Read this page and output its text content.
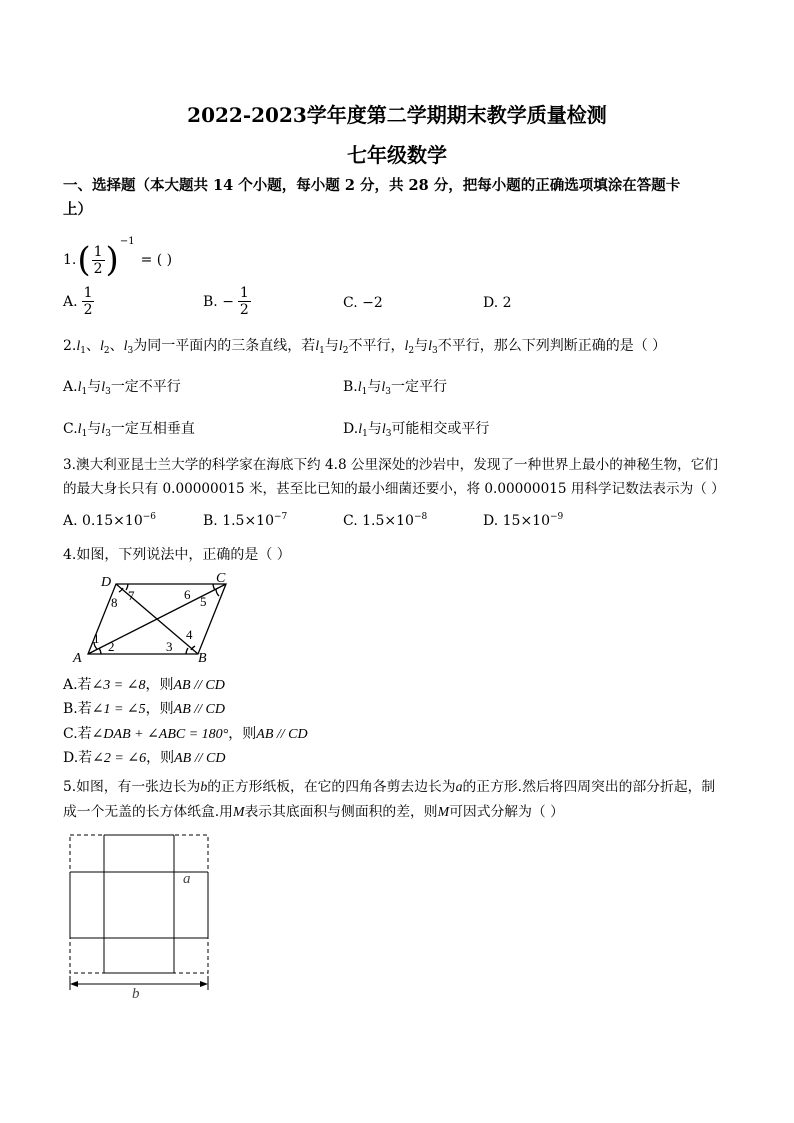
2022-2023学年度第二学期期末教学质量检测
七年级数学
一、选择题（本大题共 14 个小题，每小题 2 分，共 28 分，把每小题的正确选项填涂在答题卡
上）
1. ( $\frac{1}{2}$ ) −1
= ( )
A. $\frac{1}{2}$	B. − $\frac{1}{2}$	C. −2	D. 2
$2.l_1$、$l_2$、$l_3$为同一平面内的三条直线，若$l_1$与$l_2$不平行，$l_2$与$l_3$不平行，那么下列判断正确的是（ ）
$A.l_1$与$l_3$一定不平行	$B.l_1$与$l_3$一定平行
$C.l_1$与$l_3$一定互相垂直	$D.l_1$与$l_3$可能相交或平行
3.澳大利亚昆士兰大学的科学家在海底下约 4.8 公里深处的沙岩中，发现了一种世界上最小的神秘生物，它们
的最大身长只有 0.00000015 米，甚至比已知的最小细菌还要小，将 0.00000015 用科学记数法表示为（ ）
A. $0.15\times 10^{-6}$	B. $1.5\times 10^{-7}$	C. $1.5\times 10^{-8}$	D. $15\times 10^{-9}$
4.如图，下列说法中，正确的是（ ）
A	B
C
D
1
2	3
4
5
6
7
8
A.若∠3 = ∠8，则AB // CD
B.若∠1 = ∠5，则AB // CD
C.若∠DAB + ∠ABC = 180°，则AB // CD
D.若∠2 = ∠6，则AB // CD
5.如图，有一张边长为b的正方形纸板，在它的四角各剪去边长为a的正方形.然后将四周突出的部分折起，制
成一个无盖的长方体纸盒.用M表示其底面积与侧面积的差，则M可因式分解为（ ）
a
b
